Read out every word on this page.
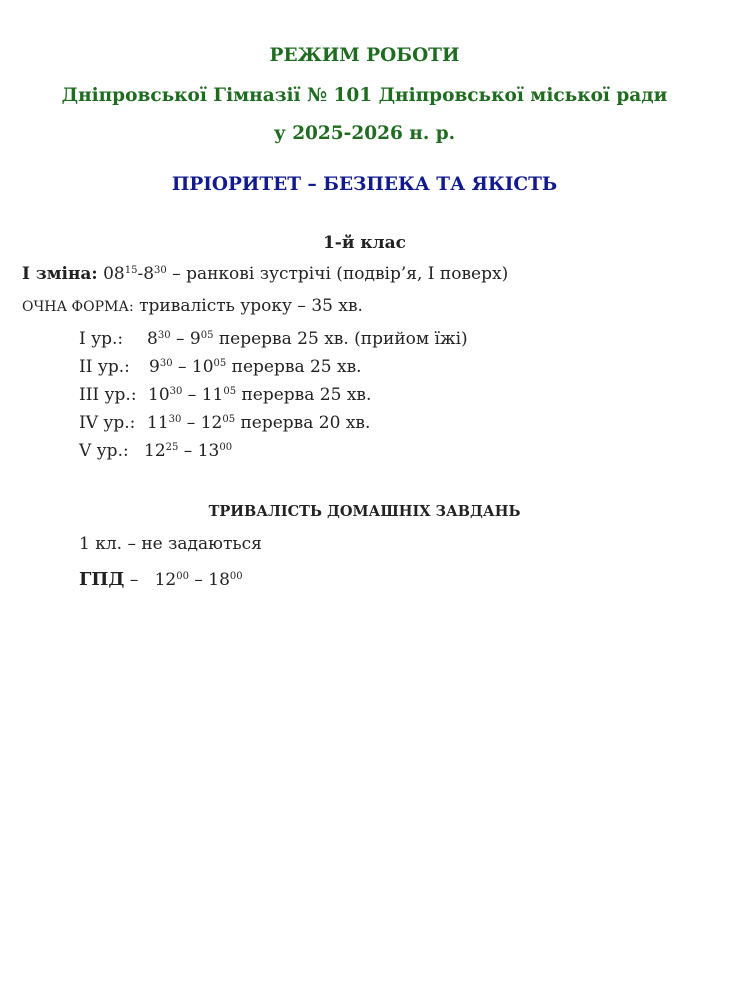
РЕЖИМ РОБОТИ
Дніпровської Гімназії № 101 Дніпровської міської ради
у 2025-2026 н. р.
ПРІОРИТЕТ – БЕЗПЕКА ТА ЯКІСТЬ
1-й клас
І зміна: $08^{15}-8^{30}$ – ранкові зустрічі (подвір’я, І поверх)
ОЧНА ФОРМА: тривалість уроку – 35 хв.
І ур.: $8^{30} - 9^{05}$ перерва 25 хв. (прийом їжі)
ІІ ур.: $9^{30} - 10^{05}$ перерва 25 хв.
ІІІ ур.: $10^{30} - 11^{05}$ перерва 25 хв.
IV ур.: $11^{30} - 12^{05}$ перерва 20 хв.
V ур.: $12^{25} - 13^{00}$
ТРИВАЛІСТЬ ДОМАШНІХ ЗАВДАНЬ
1 кл. – не задаються
ГПД –   $12^{00} - 18^{00}$
